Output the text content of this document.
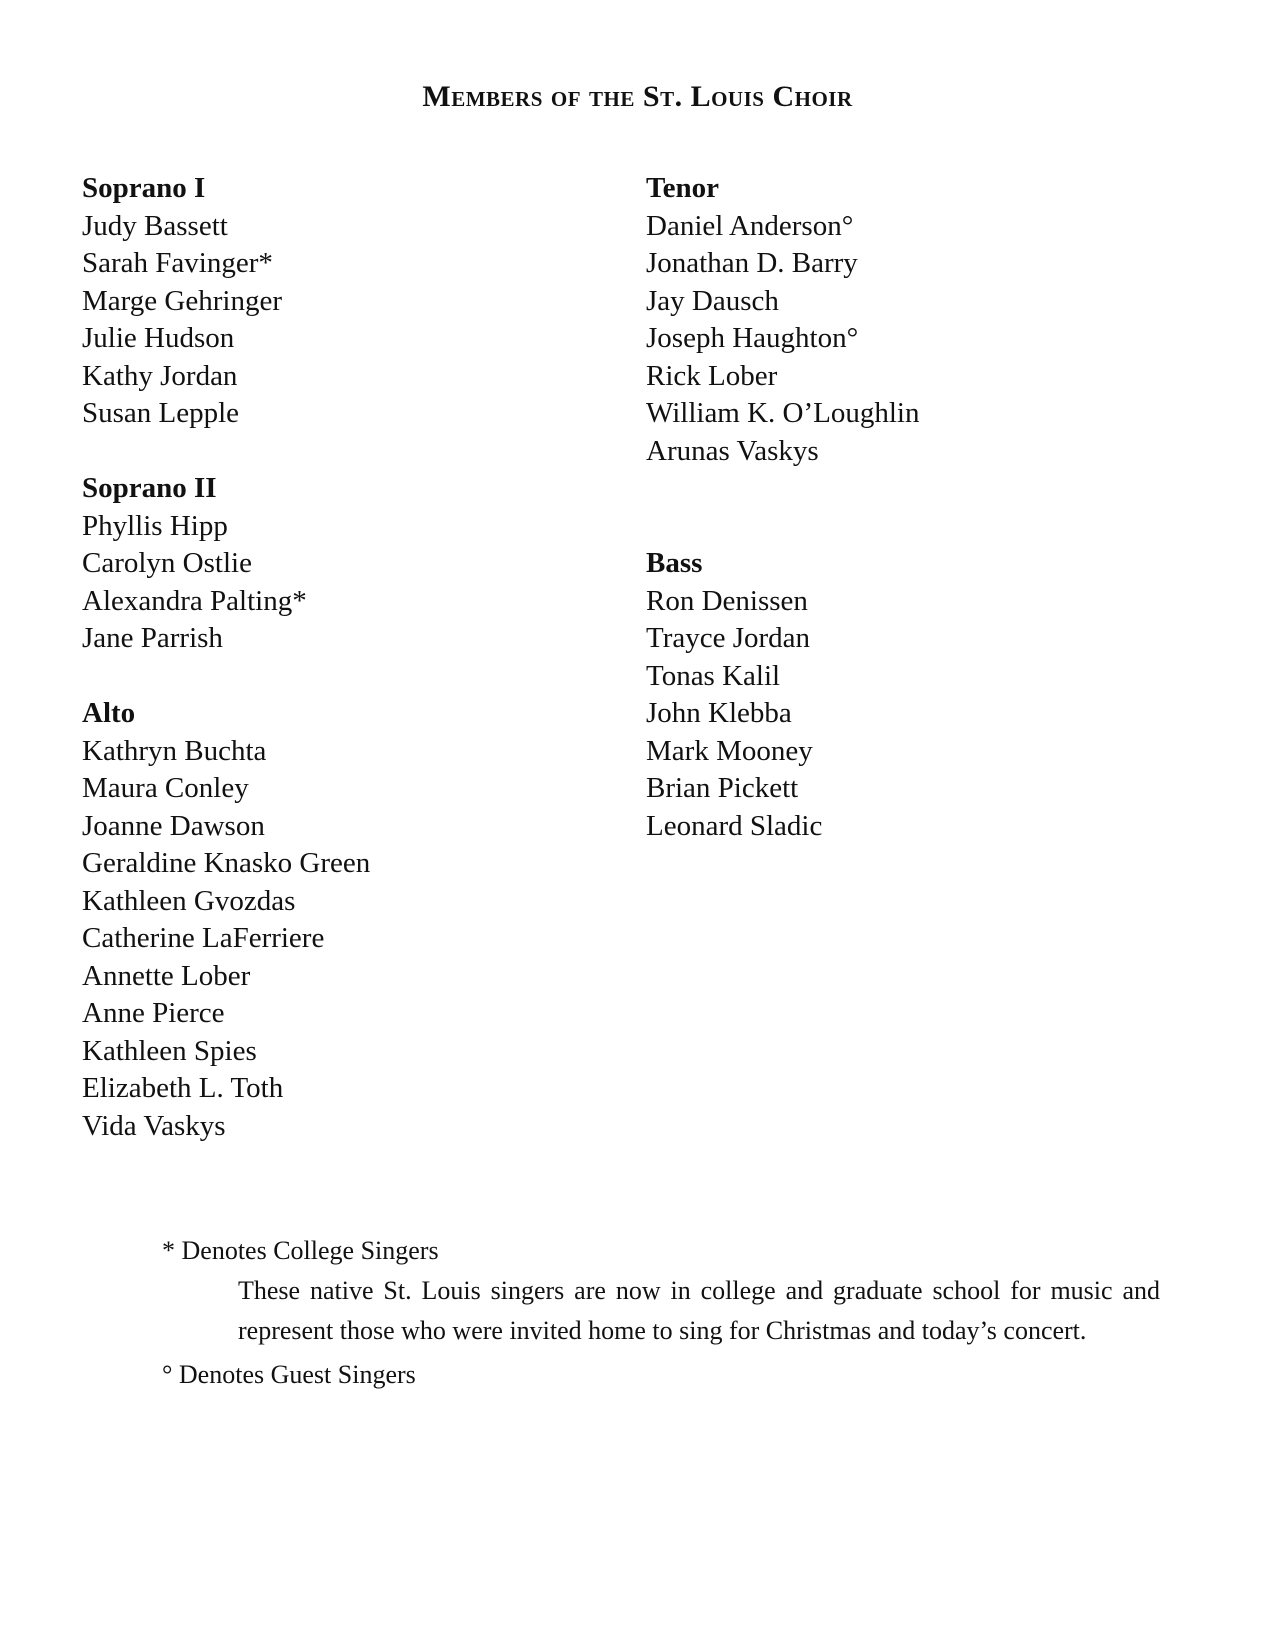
Members of the St. Louis Choir

Soprano I

Judy Bassett

Sarah Favinger*

Marge Gehringer

Julie Hudson

Kathy Jordan

Susan Lepple

Soprano II

Phyllis Hipp

Carolyn Ostlie

Alexandra Palting*

Jane Parrish

Alto

Kathryn Buchta

Maura Conley

Joanne Dawson

Geraldine Knasko Green

Kathleen Gvozdas

Catherine LaFerriere

Annette Lober

Anne Pierce

Kathleen Spies

Elizabeth L. Toth

Vida Vaskys

Tenor

Daniel Anderson°

Jonathan D. Barry

Jay Dausch

Joseph Haughton°

Rick Lober

William K. O’Loughlin

Arunas Vaskys

Bass

Ron Denissen

Trayce Jordan

Tonas Kalil

John Klebba

Mark Mooney

Brian Pickett

Leonard Sladic

* Denotes College Singers

These native St. Louis singers are now in college and graduate school for music and represent those who were invited home to sing for Christmas and today’s concert.

° Denotes Guest Singers
